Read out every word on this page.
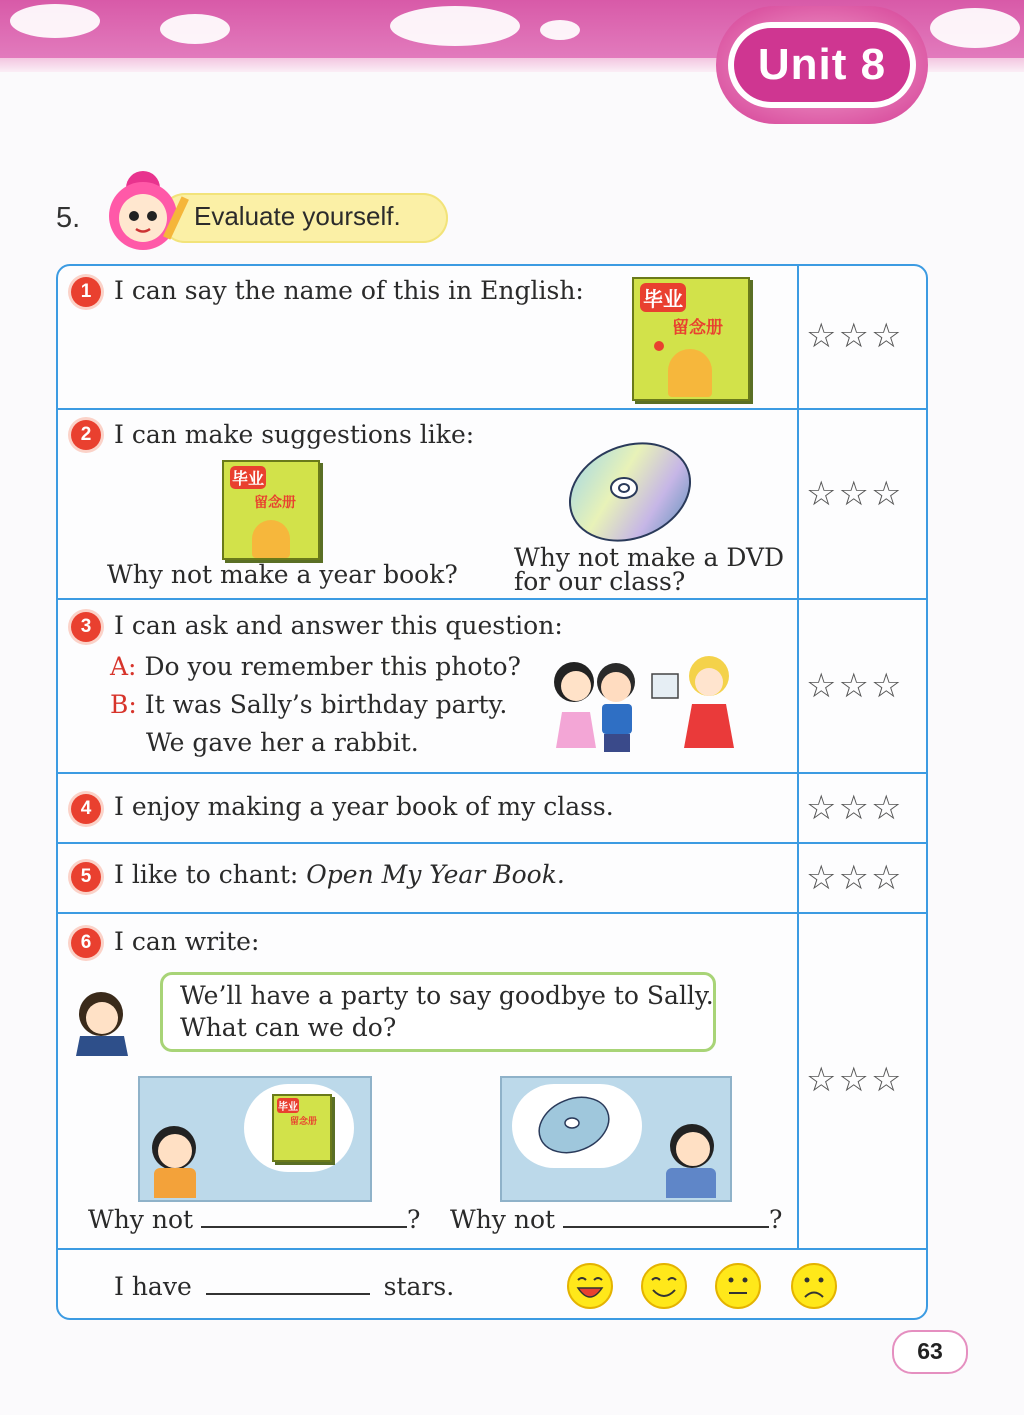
Unit 8
5.	Evaluate yourself.
1 I can say the name of this in English:	毕业
留念册 ☆☆☆
2 I can make suggestions like:
毕业
留念册
Why not make a year book?
Why not make a DVD
for our class?
☆☆☆
3 I can ask and answer this question:
A: Do you remember this photo?
B: It was Sally’s birthday party.
We gave her a rabbit.
☆☆☆
4 I enjoy making a year book of my class.	☆☆☆
5 I like to chant: Open My Year Book.	☆☆☆
6 I can write:
We’ll have a party to say goodbye to Sally.
What can we do?
毕业
留念册
Why not	? Why not	?
☆☆☆
I have	stars.
63
